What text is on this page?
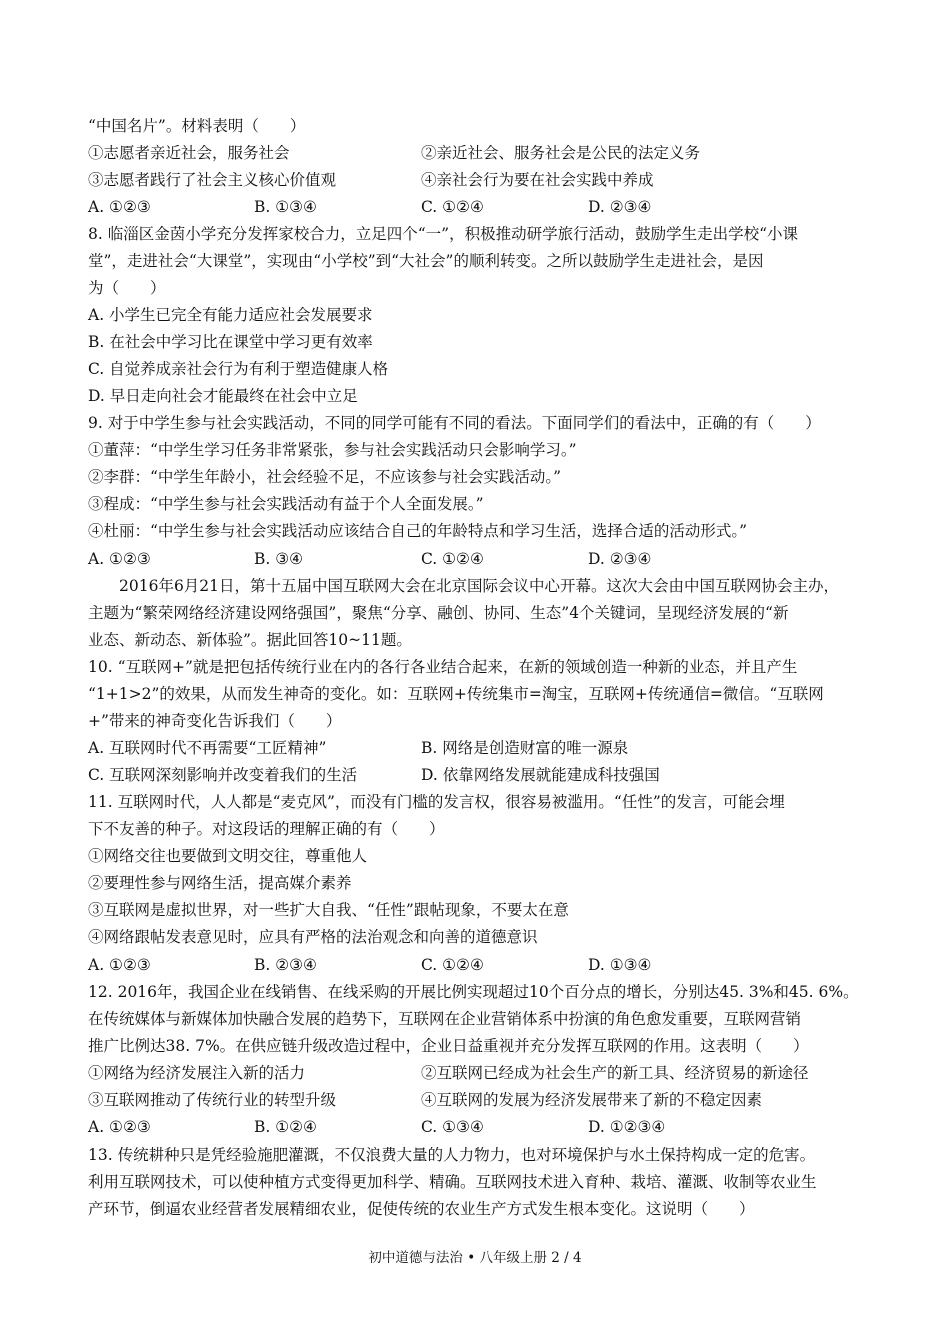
“中国名片”。材料表明（　　）
①志愿者亲近社会，服务社会	②亲近社会、服务社会是公民的法定义务
③志愿者践行了社会主义核心价值观	④亲社会行为要在社会实践中养成
A. ①②③	B. ①③④	C. ①②④	D. ②③④
8. 临淄区金茵小学充分发挥家校合力，立足四个“一”，积极推动研学旅行活动，鼓励学生走出学校“小课
堂”，走进社会“大课堂”，实现由“小学校”到“大社会”的顺利转变。之所以鼓励学生走进社会，是因
为（　　）
A. 小学生已完全有能力适应社会发展要求
B. 在社会中学习比在课堂中学习更有效率
C. 自觉养成亲社会行为有利于塑造健康人格
D. 早日走向社会才能最终在社会中立足
9. 对于中学生参与社会实践活动，不同的同学可能有不同的看法。下面同学们的看法中，正确的有（　　）
①董萍：“中学生学习任务非常紧张，参与社会实践活动只会影响学习。”
②李群：“中学生年龄小，社会经验不足，不应该参与社会实践活动。”
③程成：“中学生参与社会实践活动有益于个人全面发展。”
④杜丽：“中学生参与社会实践活动应该结合自己的年龄特点和学习生活，选择合适的活动形式。”
A. ①②③	B. ③④	C. ①②④	D. ②③④
2016年6月21日，第十五届中国互联网大会在北京国际会议中心开幕。这次大会由中国互联网协会主办，
主题为“繁荣网络经济建设网络强国”，聚焦“分享、融创、协同、生态”4个关键词，呈现经济发展的“新
业态、新动态、新体验”。据此回答10~11题。
10. “互联网+”就是把包括传统行业在内的各行各业结合起来，在新的领域创造一种新的业态，并且产生
“1+1>2”的效果，从而发生神奇的变化。如：互联网+传统集市=淘宝，互联网+传统通信=微信。“互联网
+”带来的神奇变化告诉我们（　　）
A. 互联网时代不再需要“工匠精神”	B. 网络是创造财富的唯一源泉
C. 互联网深刻影响并改变着我们的生活	D. 依靠网络发展就能建成科技强国
11. 互联网时代，人人都是“麦克风”，而没有门槛的发言权，很容易被滥用。“任性”的发言，可能会埋
下不友善的种子。对这段话的理解正确的有（　　）
①网络交往也要做到文明交往，尊重他人
②要理性参与网络生活，提高媒介素养
③互联网是虚拟世界，对一些扩大自我、“任性”跟帖现象，不要太在意
④网络跟帖发表意见时，应具有严格的法治观念和向善的道德意识
A. ①②③	B. ②③④	C. ①②④	D. ①③④
12. 2016年，我国企业在线销售、在线采购的开展比例实现超过10个百分点的增长，分别达45. 3%和45. 6%。
在传统媒体与新媒体加快融合发展的趋势下，互联网在企业营销体系中扮演的角色愈发重要，互联网营销
推广比例达38. 7%。在供应链升级改造过程中，企业日益重视并充分发挥互联网的作用。这表明（　　）
①网络为经济发展注入新的活力	②互联网已经成为社会生产的新工具、经济贸易的新途径
③互联网推动了传统行业的转型升级	④互联网的发展为经济发展带来了新的不稳定因素
A. ①②③	B. ①②④	C. ①③④	D. ①②③④
13. 传统耕种只是凭经验施肥灌溉，不仅浪费大量的人力物力，也对环境保护与水土保持构成一定的危害。
利用互联网技术，可以使种植方式变得更加科学、精确。互联网技术进入育种、栽培、灌溉、收制等农业生
产环节，倒逼农业经营者发展精细农业，促使传统的农业生产方式发生根本变化。这说明（　　）
初中道德与法治 • 八年级上册 2 / 4
